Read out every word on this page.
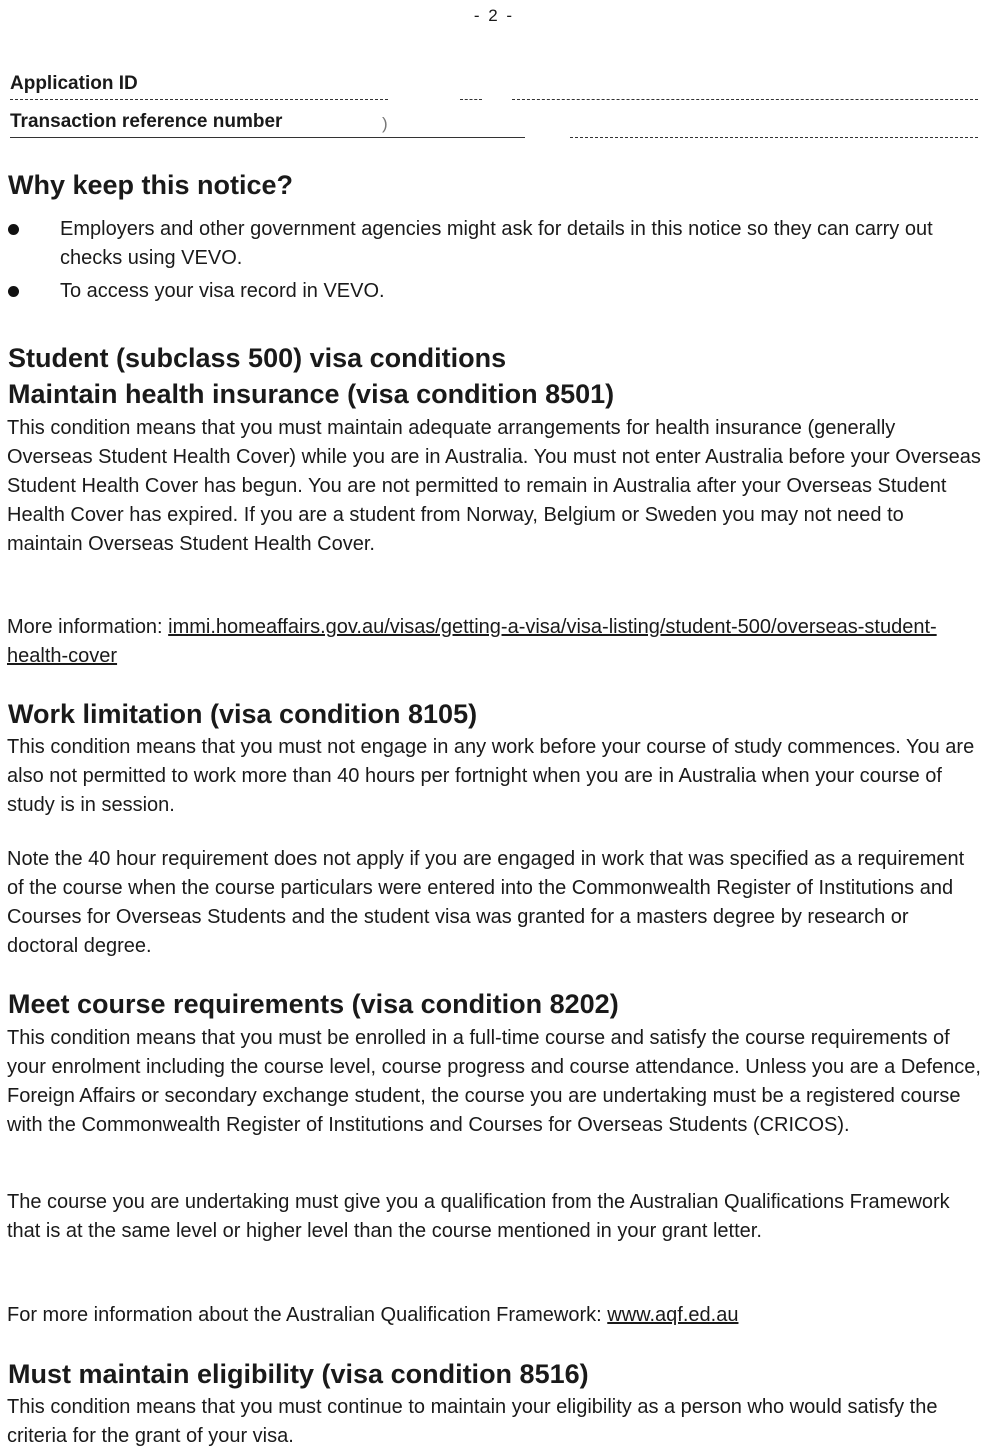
- 2 -
Application ID
Transaction reference number	)
Why keep this notice?
Employers and other government agencies might ask for details in this notice so they can carry out checks using VEVO.
To access your visa record in VEVO.
Student (subclass 500) visa conditions
Maintain health insurance (visa condition 8501)

This condition means that you must maintain adequate arrangements for health insurance (generally Overseas Student Health Cover) while you are in Australia. You must not enter Australia before your Overseas Student Health Cover has begun. You are not permitted to remain in Australia after your Overseas Student Health Cover has expired. If you are a student from Norway, Belgium or Sweden you may not need to maintain Overseas Student Health Cover.

More information: immi.homeaffairs.gov.au/visas/getting-a-visa/visa-listing/student-500/overseas-student-health-cover

Work limitation (visa condition 8105)

This condition means that you must not engage in any work before your course of study commences. You are also not permitted to work more than 40 hours per fortnight when you are in Australia when your course of study is in session.

Note the 40 hour requirement does not apply if you are engaged in work that was specified as a requirement of the course when the course particulars were entered into the Commonwealth Register of Institutions and Courses for Overseas Students and the student visa was granted for a masters degree by research or doctoral degree.

Meet course requirements (visa condition 8202)

This condition means that you must be enrolled in a full-time course and satisfy the course requirements of your enrolment including the course level, course progress and course attendance. Unless you are a Defence, Foreign Affairs or secondary exchange student, the course you are undertaking must be a registered course with the Commonwealth Register of Institutions and Courses for Overseas Students (CRICOS).

The course you are undertaking must give you a qualification from the Australian Qualifications Framework that is at the same level or higher level than the course mentioned in your grant letter.

For more information about the Australian Qualification Framework: www.aqf.ed.au

Must maintain eligibility (visa condition 8516)

This condition means that you must continue to maintain your eligibility as a person who would satisfy the criteria for the grant of your visa.
